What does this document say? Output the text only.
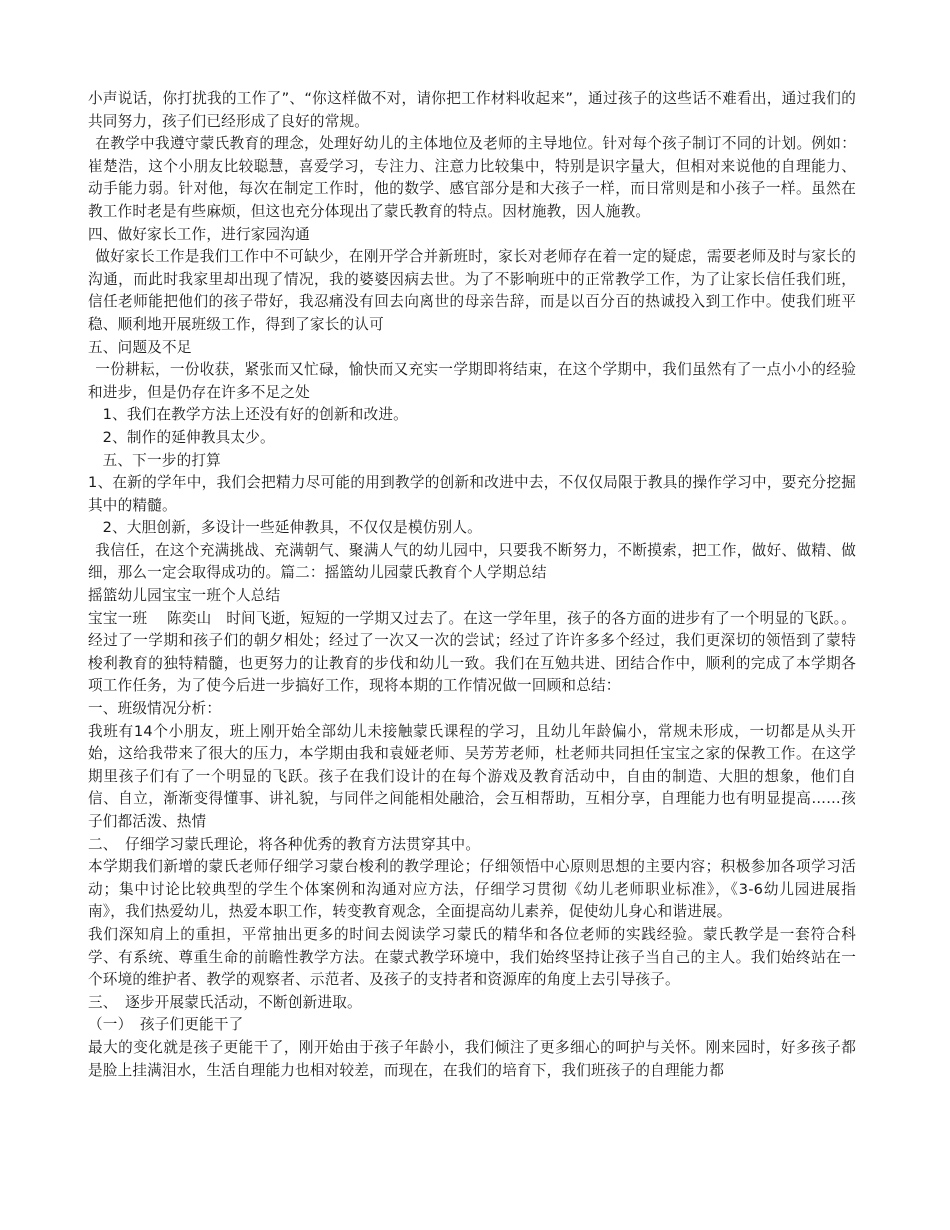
小声说话，你打扰我的工作了”、“你这样做不对，请你把工作材料收起来”，通过孩子的这些话不难看出，通过我们的共同努力，孩子们已经形成了良好的常规。

在教学中我遵守蒙氏教育的理念，处理好幼儿的主体地位及老师的主导地位。针对每个孩子制订不同的计划。例如：崔楚浩，这个小朋友比较聪慧，喜爱学习，专注力、注意力比较集中，特别是识字量大，但相对来说他的自理能力、动手能力弱。针对他，每次在制定工作时，他的数学、感官部分是和大孩子一样，而日常则是和小孩子一样。虽然在教工作时老是有些麻烦，但这也充分体现出了蒙氏教育的特点。因材施教，因人施教。

四、做好家长工作，进行家园沟通

做好家长工作是我们工作中不可缺少，在刚开学合并新班时，家长对老师存在着一定的疑虑，需要老师及时与家长的沟通，而此时我家里却出现了情况，我的婆婆因病去世。为了不影响班中的正常教学工作，为了让家长信任我们班，信任老师能把他们的孩子带好，我忍痛没有回去向离世的母亲告辞，而是以百分百的热诚投入到工作中。使我们班平稳、顺利地开展班级工作，得到了家长的认可

五、问题及不足

一份耕耘，一份收获，紧张而又忙碌，愉快而又充实一学期即将结束，在这个学期中，我们虽然有了一点小小的经验和进步，但是仍存在许多不足之处

1、我们在教学方法上还没有好的创新和改进。

2、制作的延伸教具太少。

五、下一步的打算

1、在新的学年中，我们会把精力尽可能的用到教学的创新和改进中去，不仅仅局限于教具的操作学习中，要充分挖掘其中的精髓。

2、大胆创新，多设计一些延伸教具，不仅仅是模仿别人。

我信任，在这个充满挑战、充满朝气、聚满人气的幼儿园中，只要我不断努力，不断摸索，把工作，做好、做精、做细，那么一定会取得成功的。篇二：摇篮幼儿园蒙氏教育个人学期总结

摇篮幼儿园宝宝一班个人总结

宝宝一班　 陈奕山　时间飞逝，短短的一学期又过去了。在这一学年里，孩子的各方面的进步有了一个明显的飞跃。。经过了一学期和孩子们的朝夕相处；经过了一次又一次的尝试；经过了许许多多个经过，我们更深切的领悟到了蒙特梭利教育的独特精髓，也更努力的让教育的步伐和幼儿一致。我们在互勉共进、团结合作中，顺利的完成了本学期各项工作任务，为了使今后进一步搞好工作，现将本期的工作情况做一回顾和总结：

一、班级情况分析：

我班有14个小朋友，班上刚开始全部幼儿未接触蒙氏课程的学习，且幼儿年龄偏小，常规未形成，一切都是从头开始，这给我带来了很大的压力，本学期由我和袁娅老师、吴芳芳老师，杜老师共同担任宝宝之家的保教工作。在这学期里孩子们有了一个明显的飞跃。孩子在我们设计的在每个游戏及教育活动中，自由的制造、大胆的想象，他们自信、自立，渐渐变得懂事、讲礼貌，与同伴之间能相处融洽，会互相帮助，互相分享，自理能力也有明显提高……孩子们都活泼、热情

二、　仔细学习蒙氏理论，将各种优秀的教育方法贯穿其中。

本学期我们新增的蒙氏老师仔细学习蒙台梭利的教学理论；仔细领悟中心原则思想的主要内容；积极参加各项学习活动；集中讨论比较典型的学生个体案例和沟通对应方法，仔细学习贯彻《幼儿老师职业标准》，《3-6幼儿园进展指南》，我们热爱幼儿，热爱本职工作，转变教育观念，全面提高幼儿素养，促使幼儿身心和谐进展。

我们深知肩上的重担，平常抽出更多的时间去阅读学习蒙氏的精华和各位老师的实践经验。蒙氏教学是一套符合科学、有系统、尊重生命的前瞻性教学方法。在蒙式教学环境中，我们始终坚持让孩子当自己的主人。我们始终站在一个环境的维护者、教学的观察者、示范者、及孩子的支持者和资源库的角度上去引导孩子。

三、　逐步开展蒙氏活动，不断创新进取。

（一）　孩子们更能干了

最大的变化就是孩子更能干了，刚开始由于孩子年龄小，我们倾注了更多细心的呵护与关怀。刚来园时，好多孩子都是脸上挂满泪水，生活自理能力也相对较差，而现在，在我们的培育下，我们班孩子的自理能力都
